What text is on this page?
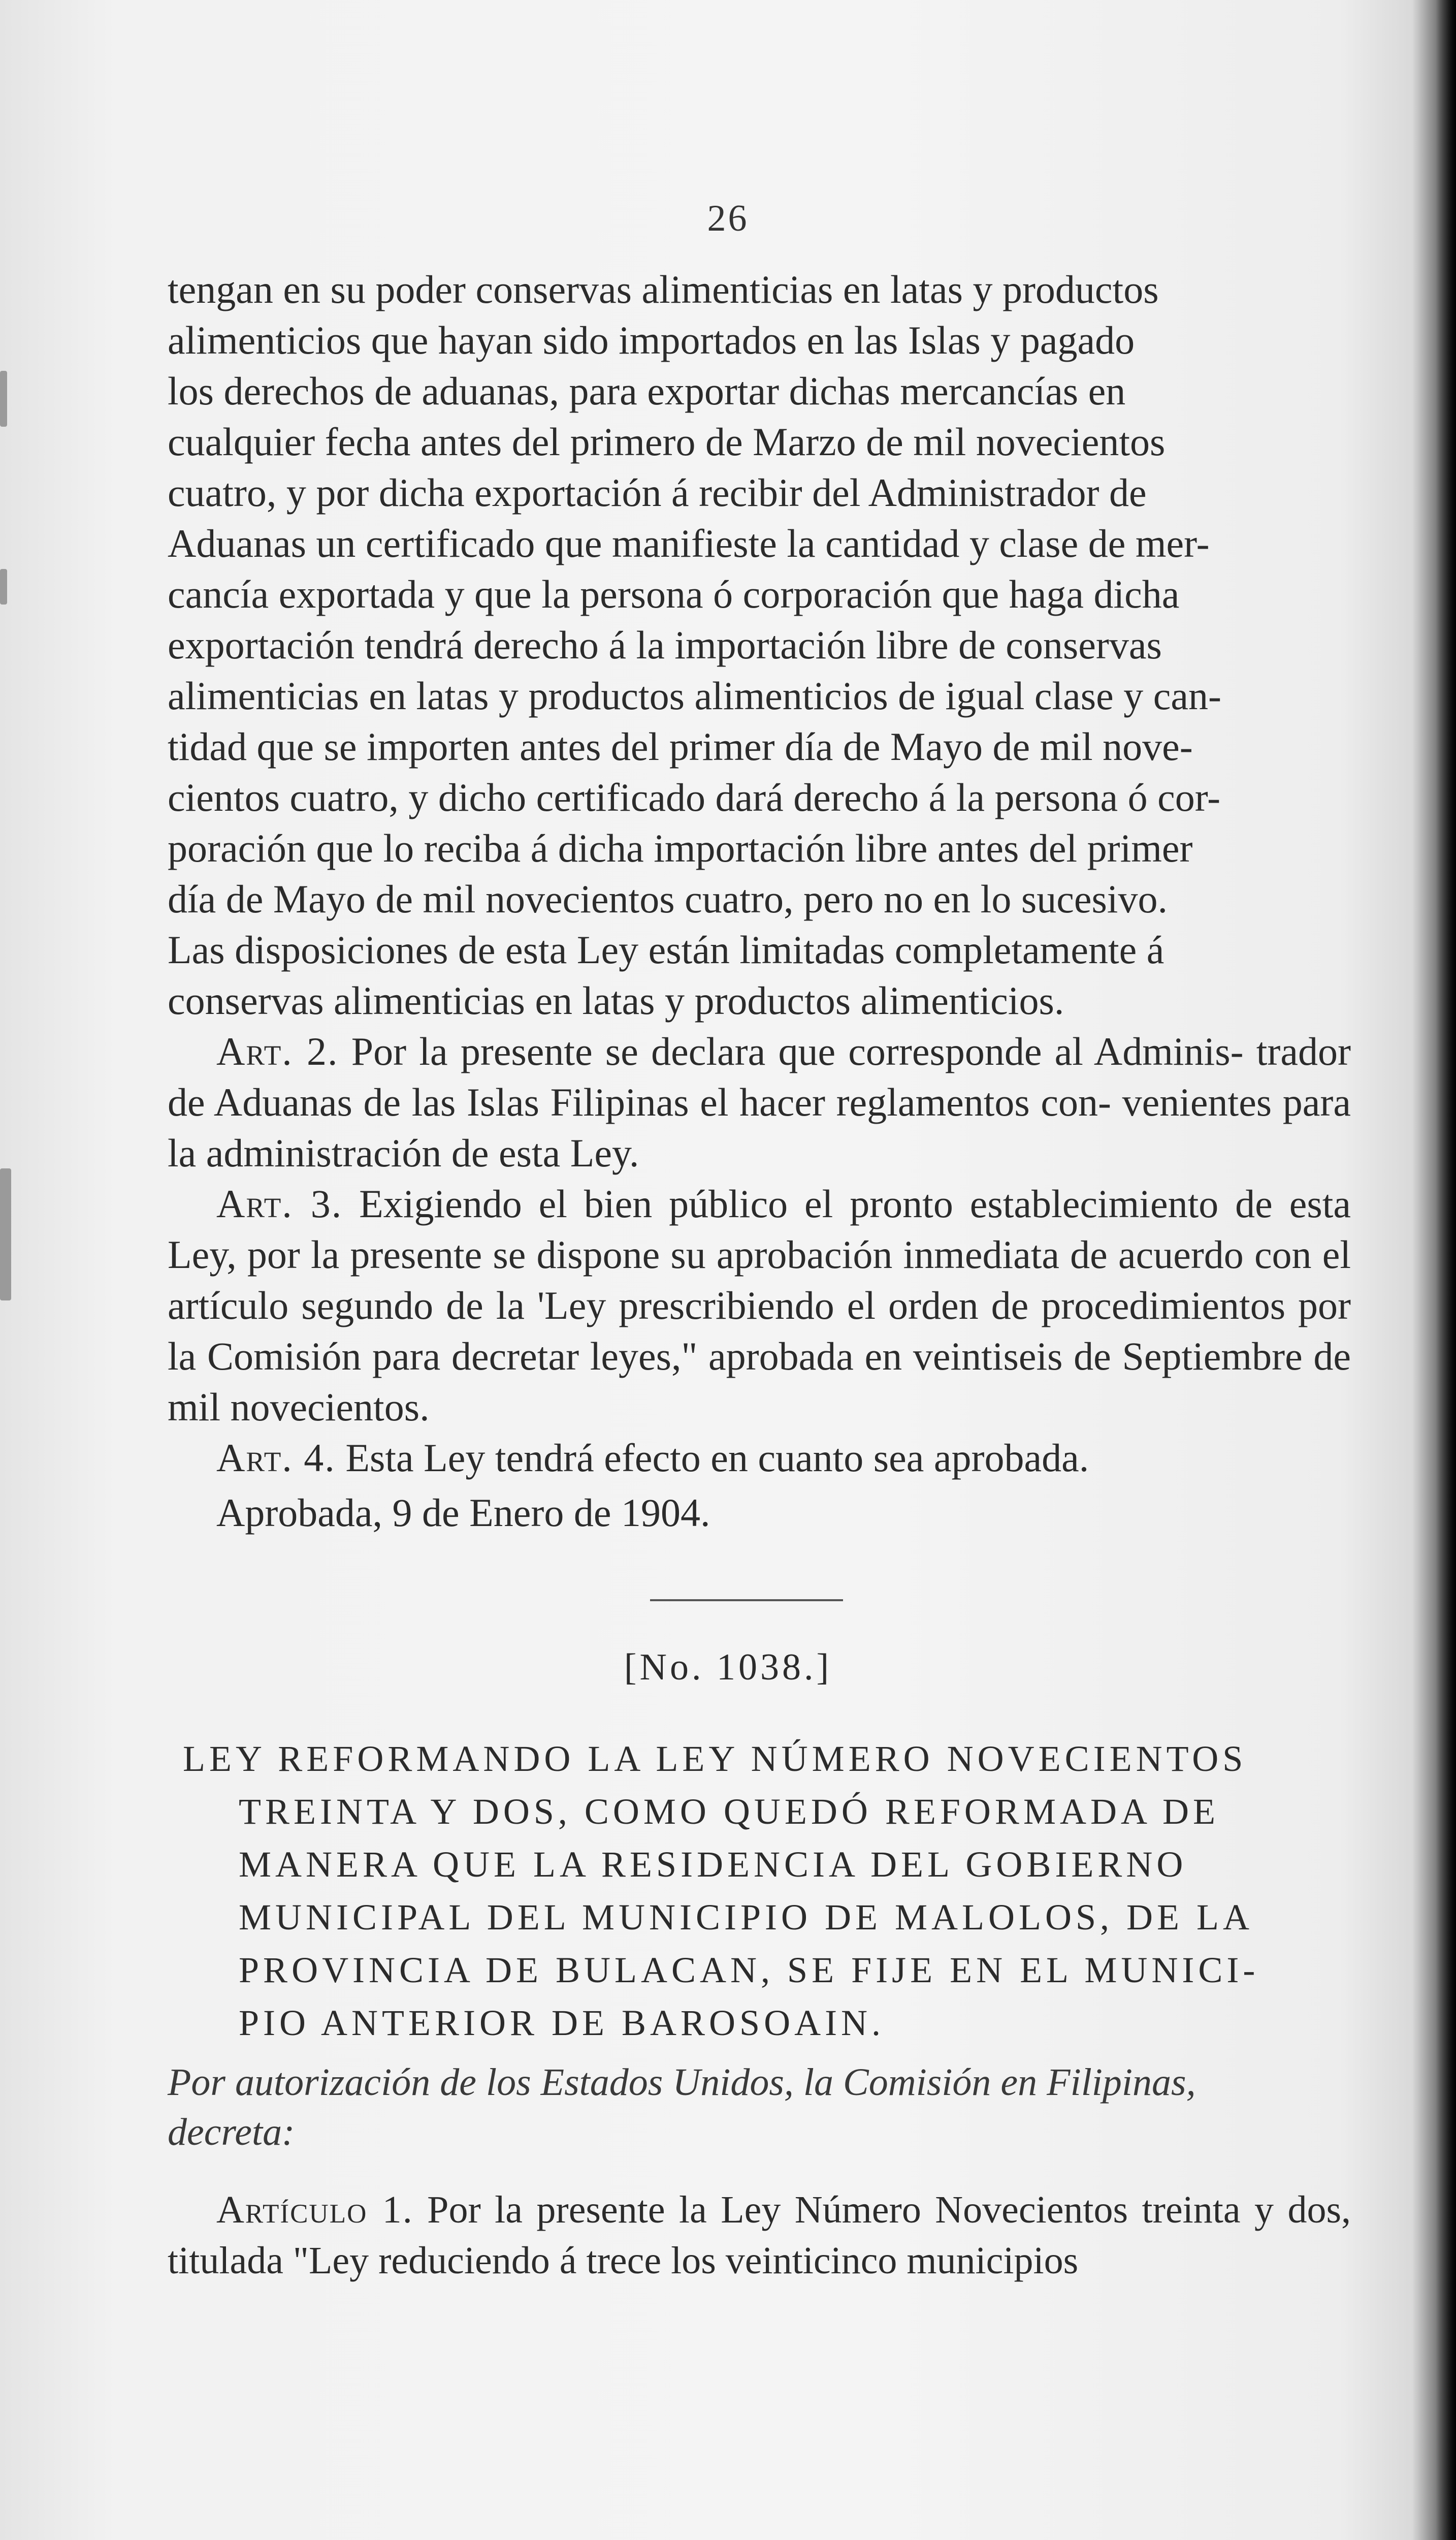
26
tengan en su poder conservas alimenticias en latas y productos
alimenticios que hayan sido importados en las Islas y pagado
los derechos de aduanas, para exportar dichas mercancías en
cualquier fecha antes del primero de Marzo de mil novecientos
cuatro, y por dicha exportación á recibir del Administrador de
Aduanas un certificado que manifieste la cantidad y clase de mer-
cancía exportada y que la persona ó corporación que haga dicha
exportación tendrá derecho á la importación libre de conservas
alimenticias en latas y productos alimenticios de igual clase y can-
tidad que se importen antes del primer día de Mayo de mil nove-
cientos cuatro, y dicho certificado dará derecho á la persona ó cor-
poración que lo reciba á dicha importación libre antes del primer
día de Mayo de mil novecientos cuatro, pero no en lo sucesivo.
Las disposiciones de esta Ley están limitadas completamente á
conservas alimenticias en latas y productos alimenticios.

Art. 2. Por la presente se declara que corresponde al Adminis- trador de Aduanas de las Islas Filipinas el hacer reglamentos con- venientes para la administración de esta Ley.

Art. 3. Exigiendo el bien público el pronto establecimiento de esta Ley, por la presente se dispone su aprobación inmediata de acuerdo con el artículo segundo de la 'Ley prescribiendo el orden de procedimientos por la Comisión para decretar leyes," aprobada en veintiseis de Septiembre de mil novecientos.

Art. 4. Esta Ley tendrá efecto en cuanto sea aprobada.

Aprobada, 9 de Enero de 1904.

[No. 1038.]
LEY REFORMANDO LA LEY NÚMERO NOVECIENTOS
TREINTA Y DOS, COMO QUEDÓ REFORMADA DE
MANERA QUE LA RESIDENCIA DEL GOBIERNO
MUNICIPAL DEL MUNICIPIO DE MALOLOS, DE LA
PROVINCIA DE BULACAN, SE FIJE EN EL MUNICI-
PIO ANTERIOR DE BAROSOAIN.
Por autorización de los Estados Unidos, la Comisión en Filipinas,
decreta:

Artículo 1. Por la presente la Ley Número Novecientos treinta y dos, titulada "Ley reduciendo á trece los veinticinco municipios
